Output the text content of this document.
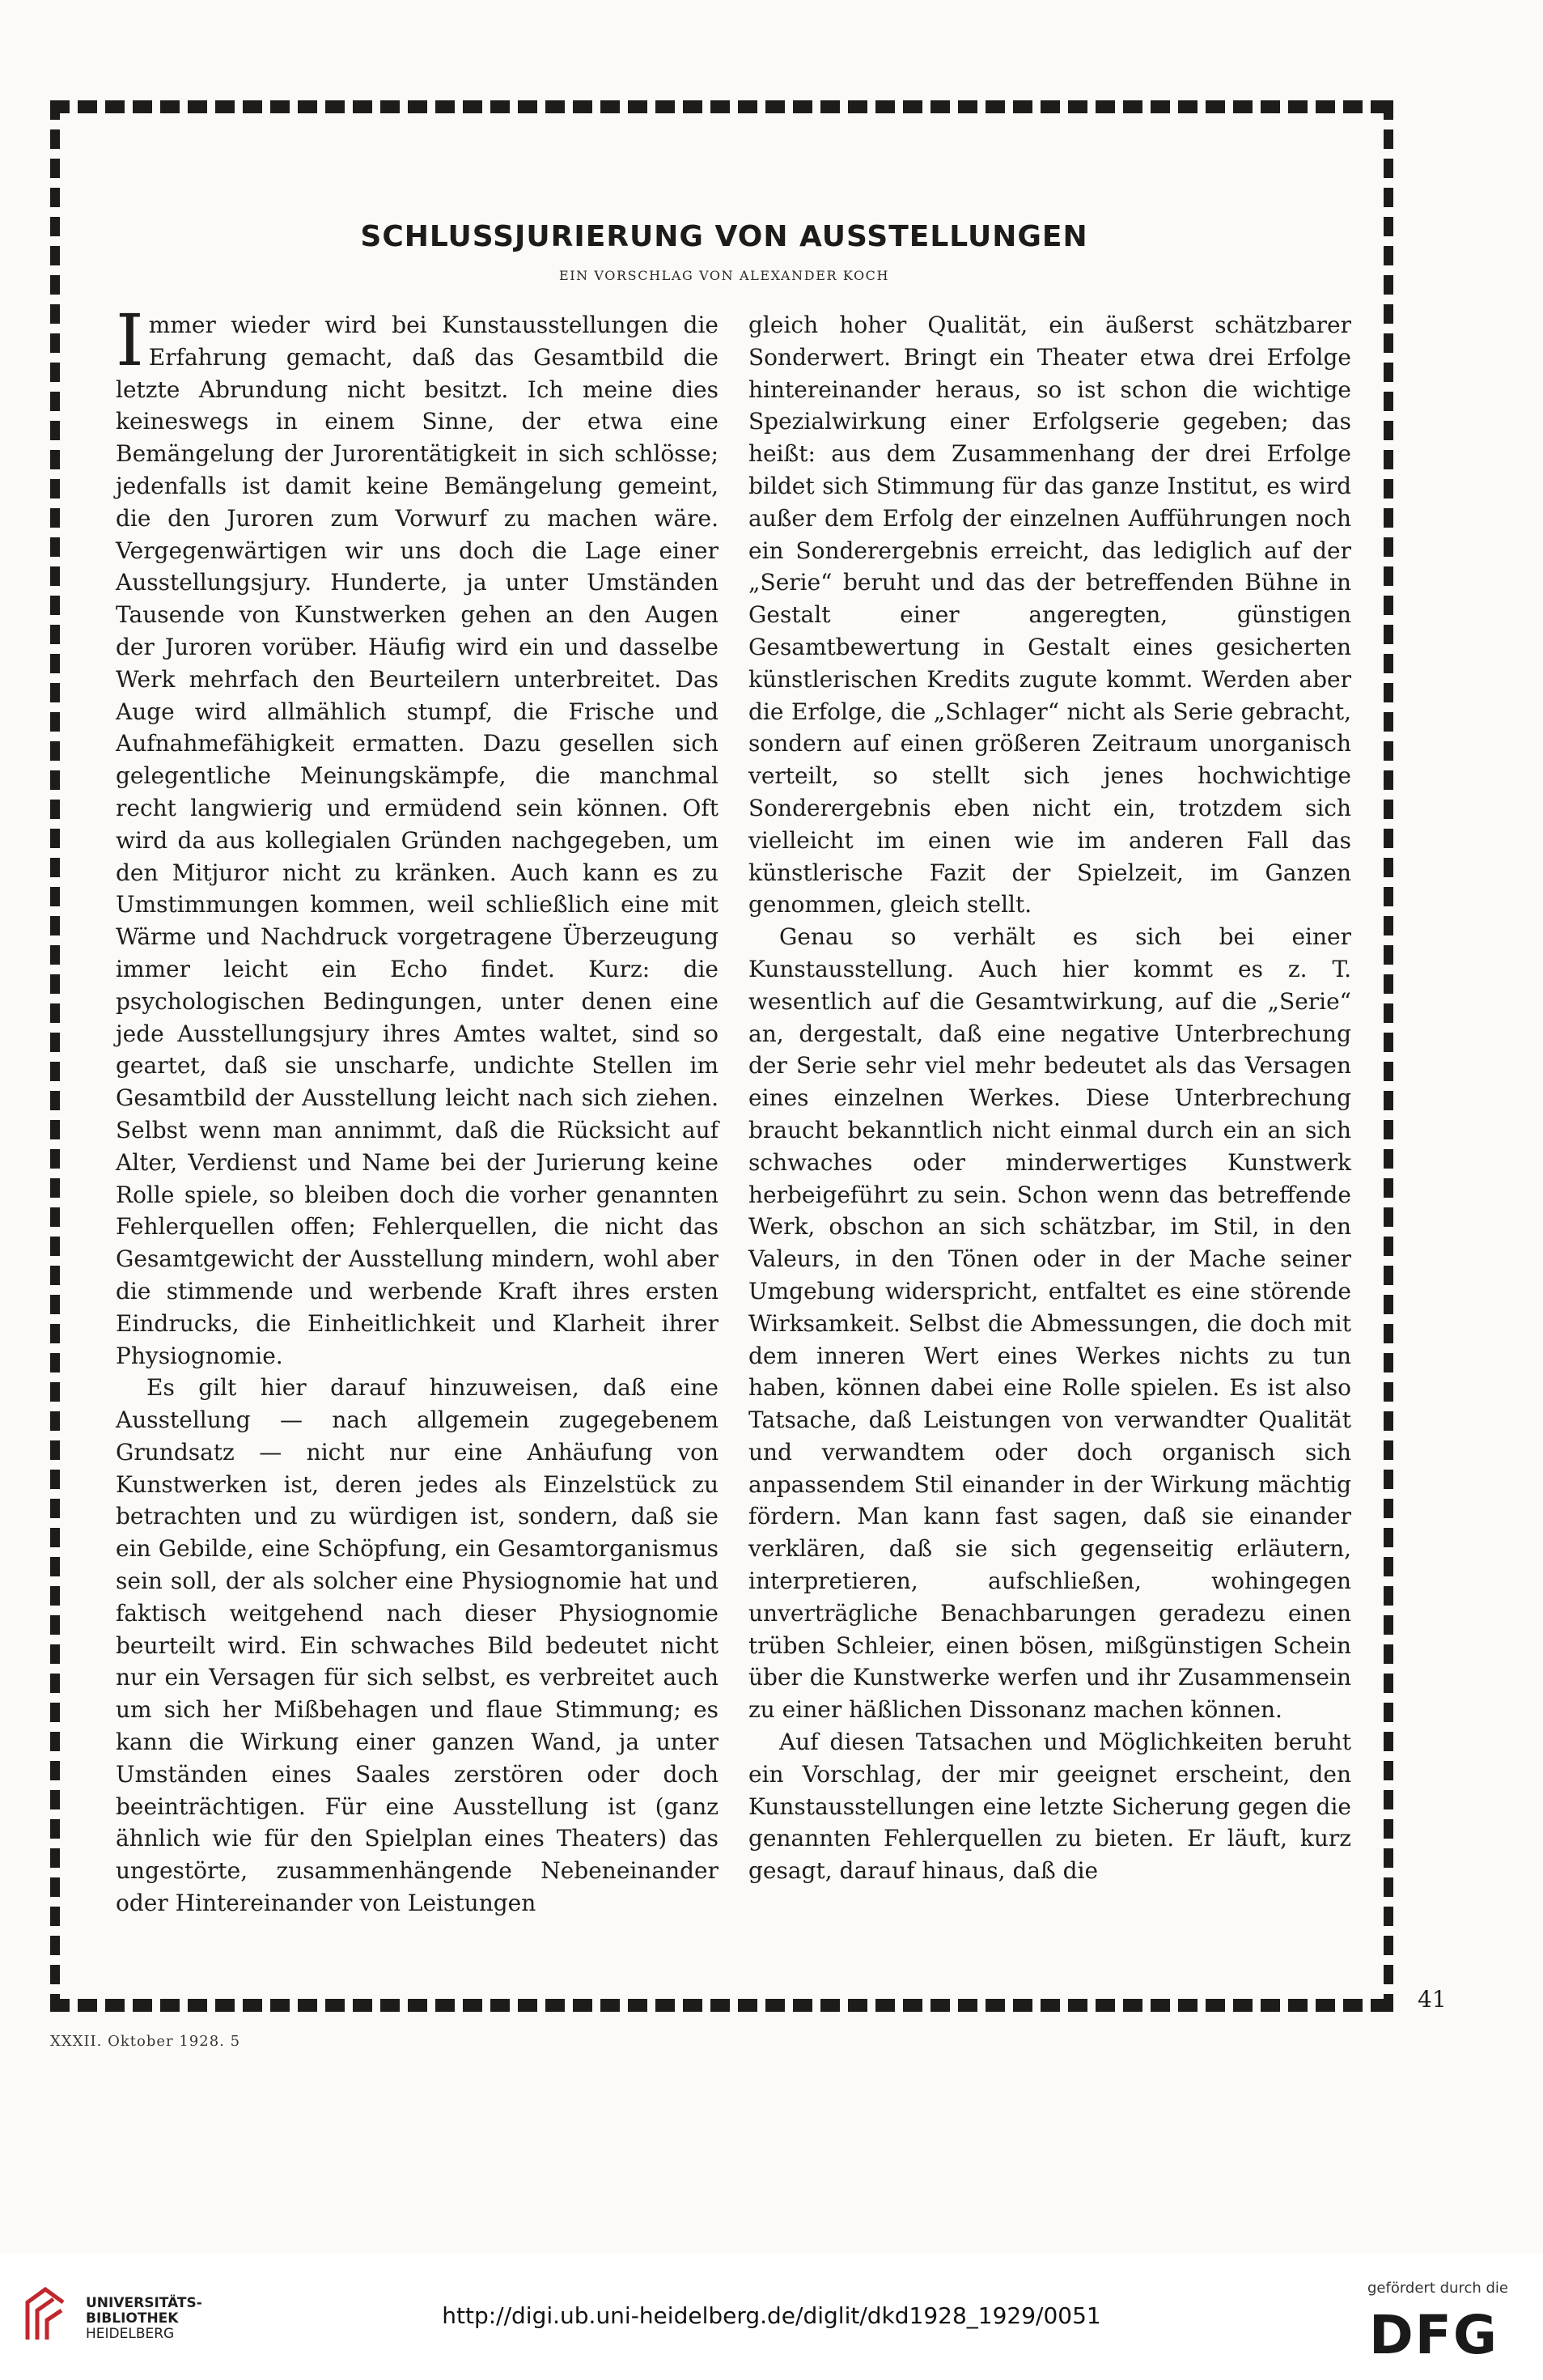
SCHLUSSJURIERUNG VON AUSSTELLUNGEN
EIN VORSCHLAG VON ALEXANDER KOCH

Immer wieder wird bei Kunstausstellungen die Erfahrung gemacht, daß das Gesamtbild die letzte Abrundung nicht besitzt. Ich meine dies keineswegs in einem Sinne, der etwa eine Bemängelung der Jurorentätigkeit in sich schlösse; jedenfalls ist damit keine Bemängelung gemeint, die den Juroren zum Vorwurf zu machen wäre. Vergegenwärtigen wir uns doch die Lage einer Ausstellungsjury. Hunderte, ja unter Umständen Tausende von Kunstwerken gehen an den Augen der Juroren vorüber. Häufig wird ein und dasselbe Werk mehrfach den Beurteilern unterbreitet. Das Auge wird allmählich stumpf, die Frische und Aufnahmefähigkeit ermatten. Dazu gesellen sich gelegentliche Meinungskämpfe, die manchmal recht langwierig und ermüdend sein können. Oft wird da aus kollegialen Gründen nachgegeben, um den Mitjuror nicht zu kränken. Auch kann es zu Umstimmungen kommen, weil schließlich eine mit Wärme und Nachdruck vorgetragene Überzeugung immer leicht ein Echo findet. Kurz: die psychologischen Bedingungen, unter denen eine jede Ausstellungsjury ihres Amtes waltet, sind so geartet, daß sie unscharfe, undichte Stellen im Gesamtbild der Ausstellung leicht nach sich ziehen. Selbst wenn man annimmt, daß die Rücksicht auf Alter, Verdienst und Name bei der Jurierung keine Rolle spiele, so bleiben doch die vorher genannten Fehlerquellen offen; Fehlerquellen, die nicht das Gesamtgewicht der Ausstellung mindern, wohl aber die stimmende und werbende Kraft ihres ersten Eindrucks, die Einheitlichkeit und Klarheit ihrer Physiognomie.

Es gilt hier darauf hinzuweisen, daß eine Ausstellung — nach allgemein zugegebenem Grundsatz — nicht nur eine Anhäufung von Kunstwerken ist, deren jedes als Einzelstück zu betrachten und zu würdigen ist, sondern, daß sie ein Gebilde, eine Schöpfung, ein Gesamtorganismus sein soll, der als solcher eine Physiognomie hat und faktisch weitgehend nach dieser Physiognomie beurteilt wird. Ein schwaches Bild bedeutet nicht nur ein Versagen für sich selbst, es verbreitet auch um sich her Mißbehagen und flaue Stimmung; es kann die Wirkung einer ganzen Wand, ja unter Umständen eines Saales zerstören oder doch beeinträchtigen. Für eine Ausstellung ist (ganz ähnlich wie für den Spielplan eines Theaters) das ungestörte, zusammenhängende Nebeneinander oder Hintereinander von Leistungen

gleich hoher Qualität, ein äußerst schätzbarer Sonderwert. Bringt ein Theater etwa drei Erfolge hintereinander heraus, so ist schon die wichtige Spezialwirkung einer Erfolgserie gegeben; das heißt: aus dem Zusammenhang der drei Erfolge bildet sich Stimmung für das ganze Institut, es wird außer dem Erfolg der einzelnen Aufführungen noch ein Sonderergebnis erreicht, das lediglich auf der „Serie“ beruht und das der betreffenden Bühne in Gestalt einer angeregten, günstigen Gesamtbewertung in Gestalt eines gesicherten künstlerischen Kredits zugute kommt. Werden aber die Erfolge, die „Schlager“ nicht als Serie gebracht, sondern auf einen größeren Zeitraum unorganisch verteilt, so stellt sich jenes hochwichtige Sonderergebnis eben nicht ein, trotzdem sich vielleicht im einen wie im anderen Fall das künstlerische Fazit der Spielzeit, im Ganzen genommen, gleich stellt.

Genau so verhält es sich bei einer Kunstausstellung. Auch hier kommt es z. T. wesentlich auf die Gesamtwirkung, auf die „Serie“ an, dergestalt, daß eine negative Unterbrechung der Serie sehr viel mehr bedeutet als das Versagen eines einzelnen Werkes. Diese Unterbrechung braucht bekanntlich nicht einmal durch ein an sich schwaches oder minderwertiges Kunstwerk herbeigeführt zu sein. Schon wenn das betreffende Werk, obschon an sich schätzbar, im Stil, in den Valeurs, in den Tönen oder in der Mache seiner Umgebung widerspricht, entfaltet es eine störende Wirksamkeit. Selbst die Abmessungen, die doch mit dem inneren Wert eines Werkes nichts zu tun haben, können dabei eine Rolle spielen. Es ist also Tatsache, daß Leistungen von verwandter Qualität und verwandtem oder doch organisch sich anpassendem Stil einander in der Wirkung mächtig fördern. Man kann fast sagen, daß sie einander verklären, daß sie sich gegenseitig erläutern, interpretieren, aufschließen, wohingegen unverträgliche Benachbarungen geradezu einen trüben Schleier, einen bösen, mißgünstigen Schein über die Kunstwerke werfen und ihr Zusammensein zu einer häßlichen Dissonanz machen können.

Auf diesen Tatsachen und Möglichkeiten beruht ein Vorschlag, der mir geeignet erscheint, den Kunstausstellungen eine letzte Sicherung gegen die genannten Fehlerquellen zu bieten. Er läuft, kurz gesagt, darauf hinaus, daß die

41
XXXII. Oktober 1928. 5
UNIVERSITÄTS-
BIBLIOTHEK
HEIDELBERG
http://digi.ub.uni-heidelberg.de/diglit/dkd1928_1929/0051
gefördert durch die
DFG
